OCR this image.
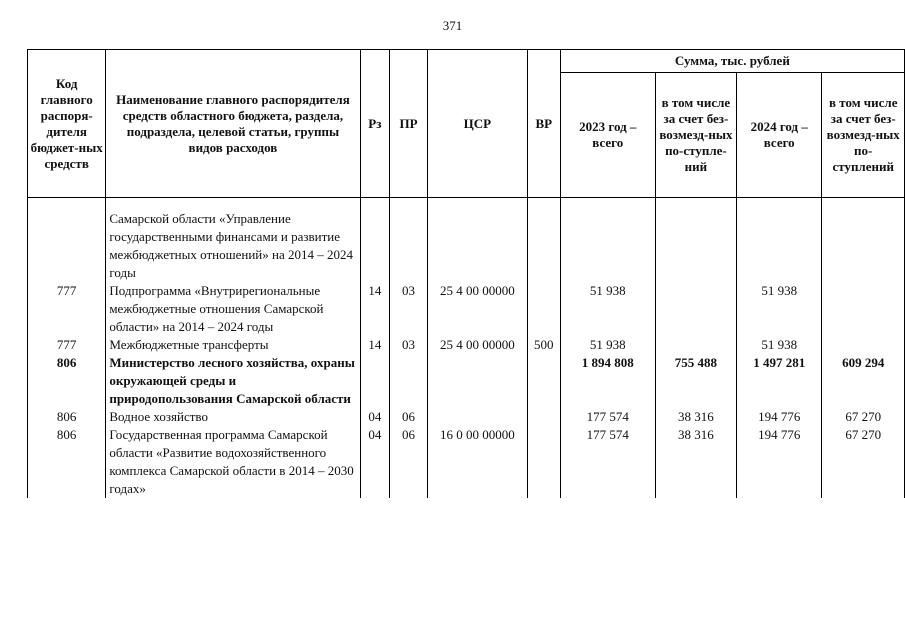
371
Код главного распоря-дителя бюджет-ных средств	Наименование главного распорядителя средств областного бюджета, раздела, подраздела, целевой статьи, группы видов расходов	Рз	ПР	ЦСР	ВР	Сумма, тыс. рублей			
						2023 год – всего	в том числе за счет без-возмезд-ных по-ступле-ний	2024 год – всего	в том числе за счет без-возмезд-ных по-ступлений

	Самарской области «Управление государственными финансами и развитие межбюджетных отношений» на 2014 – 2024 годы								
777	Подпрограмма «Внутрирегиональные межбюджетные отношения Самарской области» на 2014 – 2024 годы	14	03	25 4 00 00000		51 938		51 938	
777	Межбюджетные трансферты	14	03	25 4 00 00000	500	51 938		51 938	
806	Министерство лесного хозяйства, охраны окружающей среды и природопользования Самарской области					1 894 808	755 488	1 497 281	609 294
806	Водное хозяйство	04	06			177 574	38 316	194 776	67 270
806	Государственная программа Самарской области «Развитие водохозяйственного комплекса Самарской области в 2014 – 2030 годах»	04	06	16 0 00 00000		177 574	38 316	194 776	67 270
